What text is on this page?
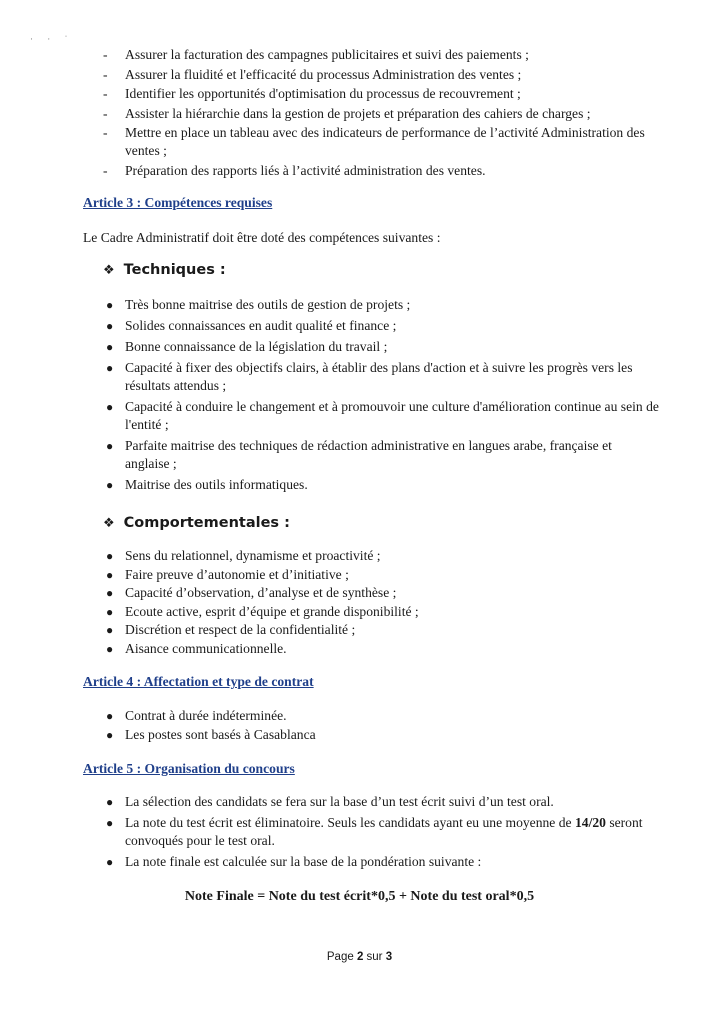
· · ˈ
- Assurer la facturation des campagnes publicitaires et suivi des paiements ;
- Assurer la fluidité et l'efficacité du processus Administration des ventes ;
- Identifier les opportunités d'optimisation du processus de recouvrement ;
- Assister la hiérarchie dans la gestion de projets et préparation des cahiers de charges ;
- Mettre en place un tableau avec des indicateurs de performance de l’activité Administration des ventes ;
- Préparation des rapports liés à l’activité administration des ventes.
Article 3 : Compétences requises
Le Cadre Administratif doit être doté des compétences suivantes :
❖ Techniques :
● Très bonne maitrise des outils de gestion de projets ;
● Solides connaissances en audit qualité et finance ;
● Bonne connaissance de la législation du travail ;
● Capacité à fixer des objectifs clairs, à établir des plans d'action et à suivre les progrès vers les résultats attendus ;
● Capacité à conduire le changement et à promouvoir une culture d'amélioration continue au sein de l'entité ;
● Parfaite maitrise des techniques de rédaction administrative en langues arabe, française et anglaise ;
● Maitrise des outils informatiques.
❖ Comportementales :
● Sens du relationnel, dynamisme et proactivité ;
● Faire preuve d’autonomie et d’initiative ;
● Capacité d’observation, d’analyse et de synthèse ;
● Ecoute active, esprit d’équipe et grande disponibilité ;
● Discrétion et respect de la confidentialité ;
● Aisance communicationnelle.
Article 4 : Affectation et type de contrat
● Contrat à durée indéterminée.
● Les postes sont basés à Casablanca
Article 5 : Organisation du concours
● La sélection des candidats se fera sur la base d’un test écrit suivi d’un test oral.
● La note du test écrit est éliminatoire. Seuls les candidats ayant eu une moyenne de 14/20 seront convoqués pour le test oral.
● La note finale est calculée sur la base de la pondération suivante :
Note Finale = Note du test écrit*0,5 + Note du test oral*0,5
Page 2 sur 3
